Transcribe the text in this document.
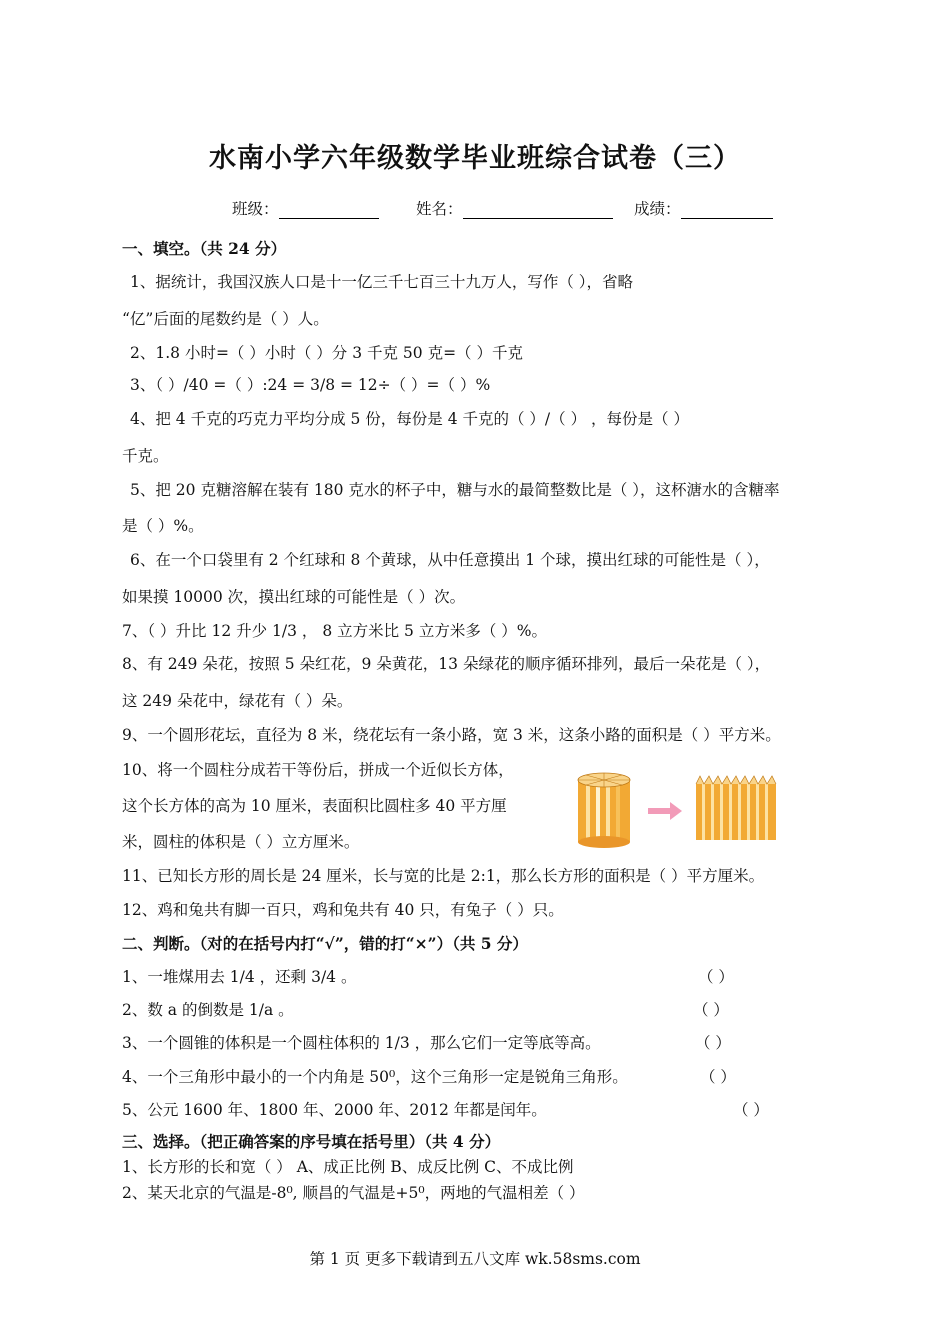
水南小学六年级数学毕业班综合试卷（三）
班级：	姓名：	成绩：
一、填空。（共 24 分）
1、据统计，我国汉族人口是十一亿三千七百三十九万人，写作（ ），省略
“亿”后面的尾数约是（ ）人。
2、1.8 小时=（ ）小时（ ）分 3 千克 50 克=（ ）千克
3、（ ）/40 =（ ）:24 = 3/8 = 12÷（ ）=（ ）%
4、把 4 千克的巧克力平均分成 5 份，每份是 4 千克的（ ）/（ ） ，每份是（ ）
千克。
5、把 20 克糖溶解在装有 180 克水的杯子中，糖与水的最简整数比是（ ），这杯溏水的含糖率
是（ ）%。
6、在一个口袋里有 2 个红球和 8 个黄球，从中任意摸出 1 个球，摸出红球的可能性是（ ），
如果摸 10000 次，摸出红球的可能性是（ ）次。
7、（ ）升比 12 升少 1/3 ， 8 立方米比 5 立方米多（ ）%。
8、有 249 朵花，按照 5 朵红花，9 朵黄花，13 朵绿花的顺序循环排列，最后一朵花是（ ），
这 249 朵花中，绿花有（ ）朵。
9、一个圆形花坛，直径为 8 米，绕花坛有一条小路，宽 3 米，这条小路的面积是（ ）平方米。
10、将一个圆柱分成若干等份后，拼成一个近似长方体，
这个长方体的高为 10 厘米，表面积比圆柱多 40 平方厘
米，圆柱的体积是（ ）立方厘米。
11、已知长方形的周长是 24 厘米，长与宽的比是 2:1，那么长方形的面积是（ ）平方厘米。
12、鸡和兔共有脚一百只，鸡和兔共有 40 只，有兔子（ ）只。
二、判断。（对的在括号内打“√”，错的打“×”）（共 5 分）
1、一堆煤用去 1/4 ，还剩 3/4 。	（ ）
2、数 a 的倒数是 1/a 。	（ ）
3、一个圆锥的体积是一个圆柱体积的 1/3 ，那么它们一定等底等高。	（ ）
4、一个三角形中最小的一个内角是 50⁰，这个三角形一定是锐角三角形。	（ ）
5、公元 1600 年、1800 年、2000 年、2012 年都是闰年。	（ ）
三、选择。（把正确答案的序号填在括号里）（共 4 分）
1、长方形的长和宽（ ） A、成正比例 B、成反比例 C、不成比例
2、某天北京的气温是-8⁰, 顺昌的气温是+5⁰，两地的气温相差（ ）
第 1 页 更多下载请到五八文库 wk.58sms.com
